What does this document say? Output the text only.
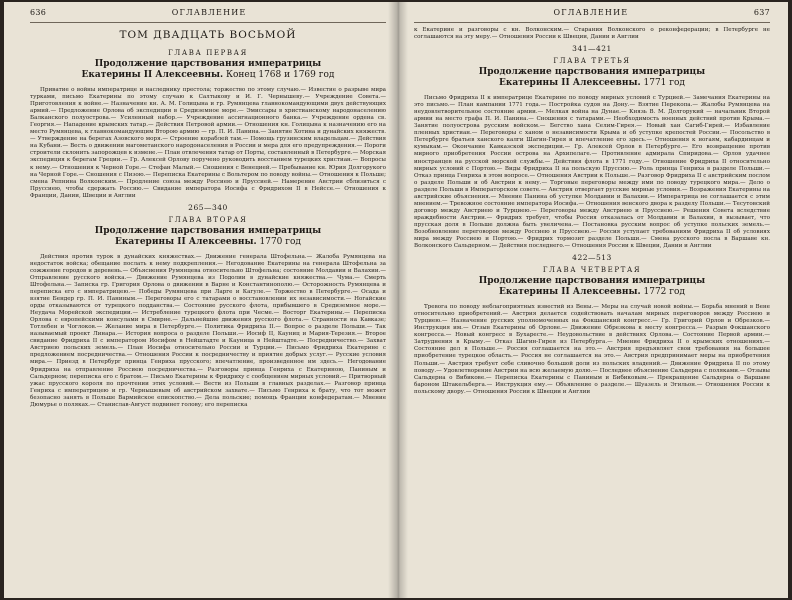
636	ОГЛАВЛЕНИЕ
ТОМ ДВАДЦАТЬ ВОСЬМОЙ
ГЛАВА ПЕРВАЯ
Продолжение царствования императрицы
Екатерины II Алексеевны. Конец 1768 и 1769 год

Приватие о войны императрице и наследнику престола; торжество по этому случаю.— Известие о разрыве мира турками, письмо Екатерины по этому случаю к Салтыкову и И. Г. Чернышеву.— Учреждение Совета.— Приготовления к войне.— Назначение кн. А. М. Голицына и гр. Румянцева главнокомандующими двух действующих армий.— Предложение Орлова об экспедиции в Средиземное море.— Эмиссары в христианскому народонаселению Балканского полуострова.— Усиленный набор.— Учреждение ассигнационного банка.— Учреждение ордена св. Георгия.— Нападение крымских татар.— Действия Петровой армии.— Отношения кн. Голицына к назначению его на место Румянцева, к главнокомандующим Второю армию — гр. П. И. Панина.— Занятие Хотина и дунайских княжеств.— Утверждение на берегах Азовского моря.— Строение кораблей там.— Помощь грузинским владельцам.— Действия на Кубани.— Весть о движении магометанского народонаселения в России и мера для его предупреждения.— Пороги строители склонить запорожцев к измене.— План отвлечения татар от Порты, составленный в Петербурге.— Морская экспедиция к берегам Греции.— Гр. Алексей Орлову поручено руководить восстанием турецких христиан.— Вопросы к нему.— Отношения к Черной Горе.— Стефан Малый.— Сношения с Венецией.— Пребывание кн. Юрия Долгорукого на Черной Горе.— Сношения с Пизою.— Переписка Екатерины с Вольтером по поводу войны.— Отношения к Польше; смена Репнина Волконским.— Продление союза между Россиею и Пруссией.— Намерение Австрии сблизиться с Пруссиею, чтобы сдержать Россию.— Свидание императора Иосифа с Фридрихом II в Нейссе.— Отношения к Франции, Дании, Швеции и Англии

265—340
ГЛАВА ВТОРАЯ
Продолжение царствования императрицы
Екатерины II Алексеевны. 1770 год

Действия против турок в дунайских княжествах.— Движение генерала Штофельна.— Жалоба Румянцева на недостаток войска; обещание послать к нему подкрепления.— Негодование Екатерины на генерала Штофельна за сожжение городов и деревень.— Объяснения Румянцева относительно Штофельна; состояние Молдавии и Валахии.— Отправление русского войска.— Движение Румянцева из Подолии в дунайские княжества.— Чума.— Смерть Штофельна.— Записка гр. Григория Орлова о движении в Варне и Константинополю.— Осторожность Румянцева и переписка его с императрицею.— Победы Румянцева при Ларге и Кагуле.— Торжество в Петербурге.— Осада и взятие Бендер гр. П. И. Паниным.— Переговоры его с татарами о восстановлении их независимости.— Ногайские орды отказываются от турецкого подданства.— Состояние русского флота, прибывшего в Средиземное море.— Неудача Морейской экспедиции.— Истребление турецкого флота при Чесме.— Восторг Екатерины.— Переписка Орлова с европейскими консулами в Смирне.— Дальнейшие движения русского флота.— Странности на Кавказе; Тотлебен и Чоглоков.— Желание мира в Петербурге.— Политика Фридриха II.— Вопрос о разделе Польши.— Так называемый проект Линара.— История вопроса о разделе Польши.— Иосиф II, Кауниц и Мария-Терезия.— Второе свидание Фридриха II с императором Иосифом в Нейштадте и Кауница в Нейштадте.— Посредничество.— Захват Австриею польских земель.— План Иосифа относительно России и Турции.— Письмо Фридриха Екатерине с предложением посредничества.— Отношения России к посредничеству и приятие добрых услуг.— Русские условия мира.— Приезд в Петербург принца Генриха прусского; впечатление, произведенное им здесь.— Негодование Фридриха на отправление Россиею посредничества.— Разговоры принца Генриха с Екатериною, Паниным и Сальдерном; переписка его с братом.— Письмо Екатерины к Фридриху с сообщением мирных условий.— Притворный ужас прусского короля по прочтении этих условий.— Вести из Польши в главных разделах.— Разговор принца Генриха с императрицею и гр. Чернышевым об австрийском захвате.— Письмо Генриха к брату, что тот может безопасно занять в Польше Вармийское епископство.— Дела польские; помощь Франции конфедератам.— Мнение Дюмурье о поляках.— Станислав-Август подвинет голову; его переписка

ОГЛАВЛЕНИЕ	637

к Екатерине и разговоры с кн. Волконским.— Старания Волконского о реконфедерации; в Петербурге не соглашаются на эту меру.— Отношения России к Швеции, Дании и Англии

341—421
ГЛАВА ТРЕТЬЯ
Продолжение царствования императрицы
Екатерины II Алексеевны. 1771 год

Письмо Фридриха II к императрице Екатерине по поводу мирных условий с Турцией.— Замечания Екатерины на это письмо.— План кампании 1771 года.— Постройка судов на Дону.— Взятие Перекопа.— Жалобы Румянцева на неудовлетворительное состояние армии.— Мелкая война на Дунае.— Князь В. М. Долгорукий — начальник Второй армии на место графа П. И. Панина.— Сношения с татарами.— Необходимость военных действий против Крыма.— Занятие полуострова русским войском.— Бегство хана Селим-Гирея.— Новый хан Сагиб-Гирей.— Избавление пленных христиан.— Переговоры с ханом о независимости Крыма и об уступке крепостей России.— Посольство в Петербурге братьев ханского калги Шагин-Гирея и впечатление его здесь.— Отношения к ногаям, кабардинцам и кумыкам.— Окончание Кавказской экспедиции.— Гр. Алексей Орлов в Петербурге.— Его возвращение против мирного приобретения России острова на Архипелаге.— Противление адмирала Спиридова.— Орлов удачнее иностранцев на русской морской службы.— Действия флота в 1771 году.— Отношение Фридриха II относительно мирных условий с Портою.— Виды Фридриха II на польскую Пруссию.— Роль принца Генриха в разделе Польши.— Отказ принца Генриха в этом вопросе.— Отношения Австрии к Польше.— Разговор Фридриха II с австрийским послом о разделе Польши и об Австрии к нему.— Торговые переговоры между ими по поводу турецкого мира.— Дело о разделе Польши в Императорском совете.— Австрия отвергает русские мирные условия.— Возражения Екатерины на австрийские объяснения.— Мнение Панина об уступке Молдавии и Валахии.— Императрица не соглашается с этим мнением.— Тревожное состояние императора Иосифа.— Отношения венского двора к разделу Польши.— Тесутовский договор между Австриею и Турциею.— Переговоры между Австриею и Пруссиею.— Решения Совета вследствие враждебности Австрии.— Фридрих требует, чтобы Россия отказалась от Молдавии и Валахии, в вызывает, что прусская доля в Польше должна быть увеличена.— Постановка русским вопрос об уступке польских земель.— Возобновление переговоров между Россиею и Пруссиею.— Россия уступает требованиям Фридриха II об условиях мира между Россиею и Портою.— Фридрих тормозит разделе Польши.— Смена русского посла в Варшаве кн. Волконского Сальдерном.— Действия последнего.— Отношения России к Швеции, Дании и Англии

422—513
ГЛАВА ЧЕТВЕРТАЯ
Продолжение царствования императрицы
Екатерины II Алексеевны. 1772 год

Тревога по поводу неблагоприятных известий из Вены.— Меры на случай новой войны.— Борьба мнений в Вене относительно приобретений.— Австрия делается содействовать началам мирных переговоров между Россиею и Турциею.— Назначение русских уполномоченных на Фокшанский конгресс.— Гр. Григорий Орлов и Обрезков.— Инструкция им.— Отзыв Екатерины об Орлове.— Движение Обрезкова к месту конгресса.— Разрыв Фокшанского конгресса.— Новый конгресс в Бухаресте.— Неудовольствие в действиях Орлова.— Состояние Первой армии.— Затруднения в Крыму.— Отказ Шагин-Гирея из Петербурга.— Мнение Фридриха II о крымских отношениях.— Состояние дел в Польше.— Россия соглашается на это.— Австрия предъявляет свои требования на большее приобретение турецкое область.— Россия не соглашается на это.— Австрия предпринимает меры на приобретения Польши.— Австрия требует себе сливочно большой доли из польских владений.— Движение Фридриха II по этому поводу.— Удовлетворение Австрии на всю желаемую долю.— Последнее объяснение Сальдерна с поляками.— Отзывы Сальдерна о Вибикове.— Переписка Екатерины с Паниным и Бибиковым.— Прекращение Сальдерна о Варшаве бароном Штакельберга.— Инструкция ему.— Объявление о разделе.— Шуазель и Эгильон.— Отношения России к польскому двору.— Отношения России к Швеции и Англии
